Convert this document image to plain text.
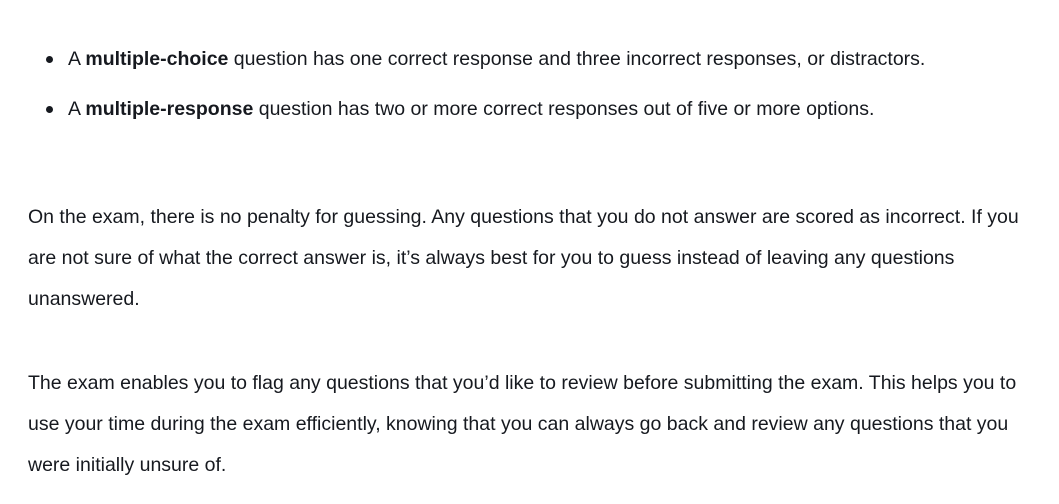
A multiple-choice question has one correct response and three incorrect responses, or distractors.
A multiple-response question has two or more correct responses out of five or more options.

On the exam, there is no penalty for guessing. Any questions that you do not answer are scored as incorrect. If you are not sure of what the correct answer is, it’s always best for you to guess instead of leaving any questions unanswered.

The exam enables you to flag any questions that you’d like to review before submitting the exam. This helps you to use your time during the exam efficiently, knowing that you can always go back and review any questions that you were initially unsure of.
